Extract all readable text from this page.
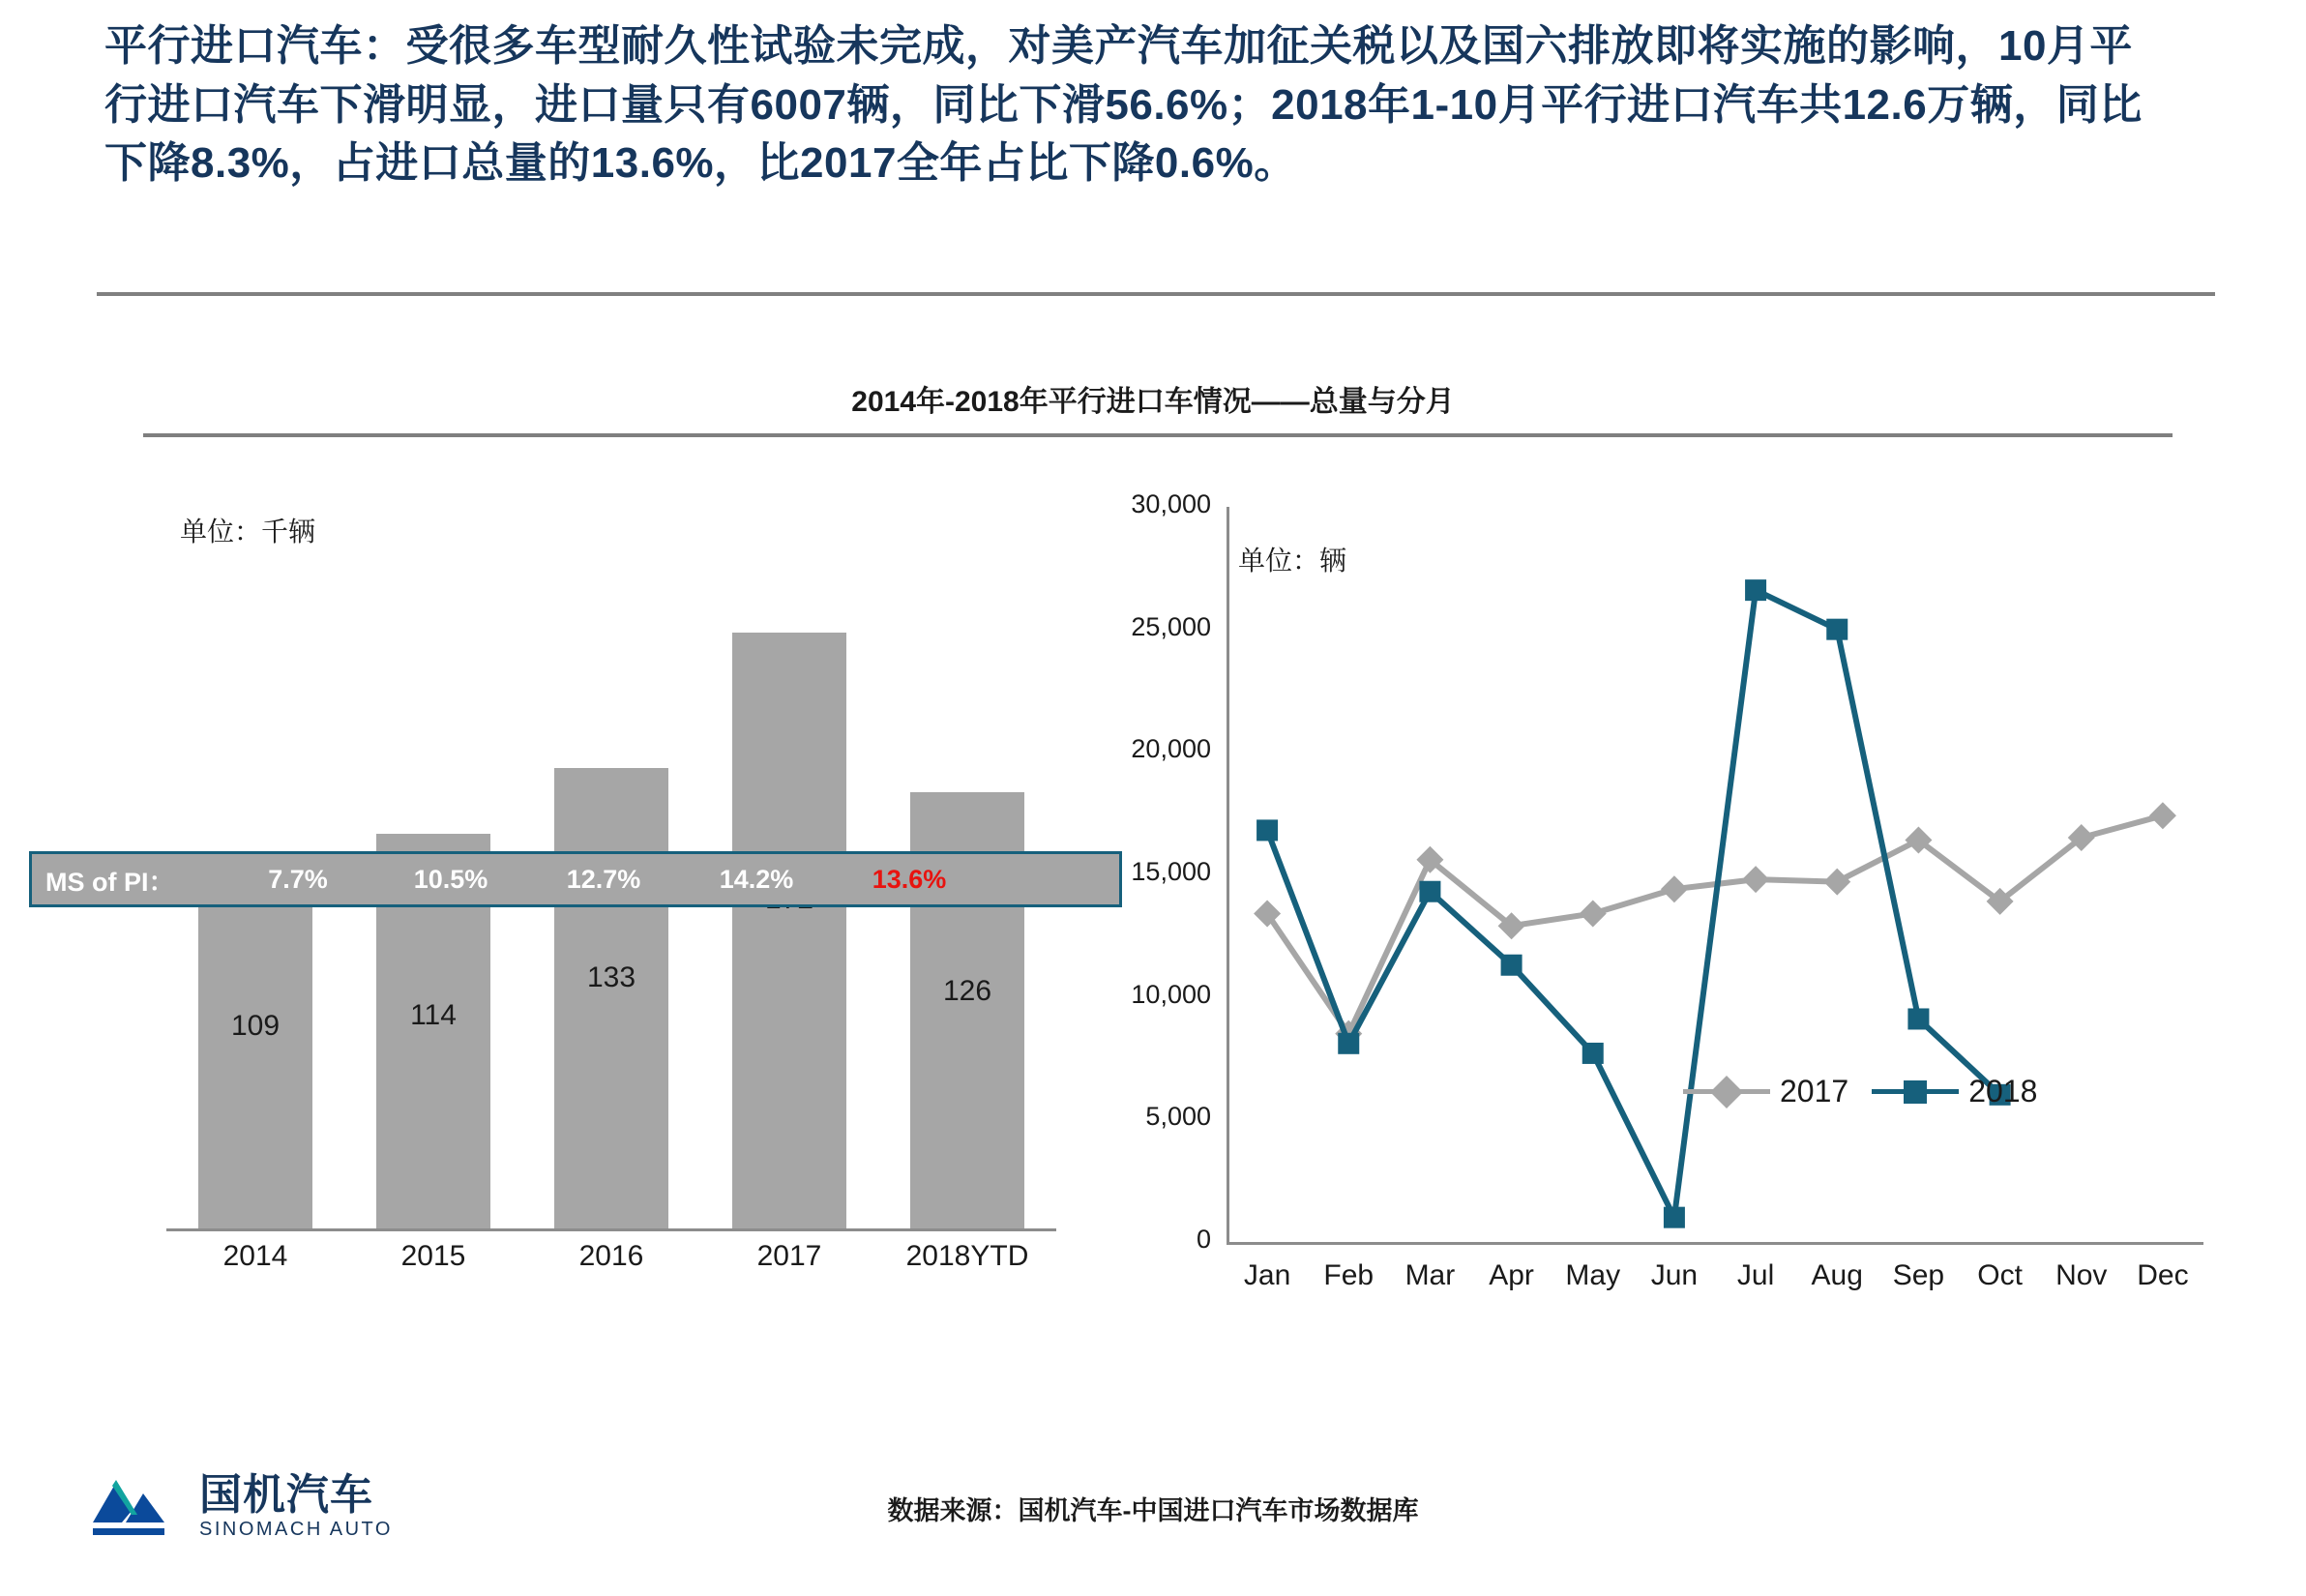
平行进口汽车：受很多车型耐久性试验未完成，对美产汽车加征关税以及国六排放即将实施的影响，10月平行进口汽车下滑明显，进口量只有6007辆，同比下滑56.6%；2018年1-10月平行进口汽车共12.6万辆，同比下降8.3%，占进口总量的13.6%，比2017全年占比下降0.6%。
2014年-2018年平行进口车情况——总量与分月
单位：千辆
109	114
133	126
2014	2015	2016	2017	2018YTD
MS of PI：	7.7%	10.5%	12.7%	14.2%	13.6%
单位：辆
2017	2018
0
5,000
10,000
15,000
20,000
25,000
30,000
Jan	Feb	Mar	Apr	May	Jun	Jul	Aug	Sep	Oct	Nov	Dec
国机汽车
SINOMACH AUTO
数据来源：国机汽车-中国进口汽车市场数据库
